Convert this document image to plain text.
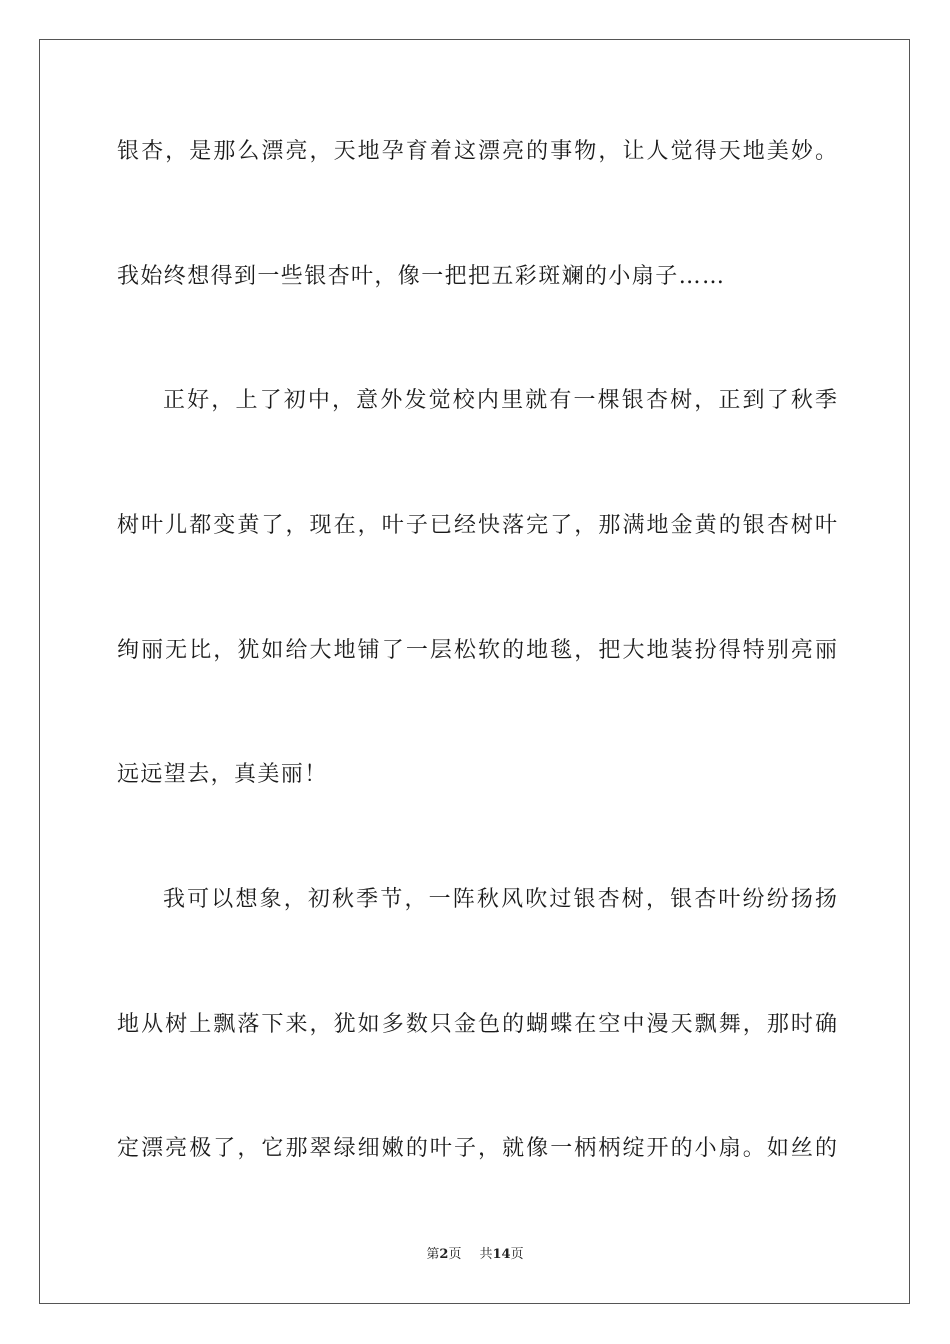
银杏，是那么漂亮，天地孕育着这漂亮的事物，让人觉得天地美妙。
我始终想得到一些银杏叶，像一把把五彩斑斓的小扇子……
正好，上了初中，意外发觉校内里就有一棵银杏树，正到了秋季
树叶儿都变黄了，现在，叶子已经快落完了，那满地金黄的银杏树叶
绚丽无比，犹如给大地铺了一层松软的地毯，把大地装扮得特别亮丽
远远望去，真美丽！
我可以想象，初秋季节，一阵秋风吹过银杏树，银杏叶纷纷扬扬
地从树上飘落下来，犹如多数只金色的蝴蝶在空中漫天飘舞，那时确
定漂亮极了，它那翠绿细嫩的叶子，就像一柄柄绽开的小扇。如丝的
第2页 共14页
